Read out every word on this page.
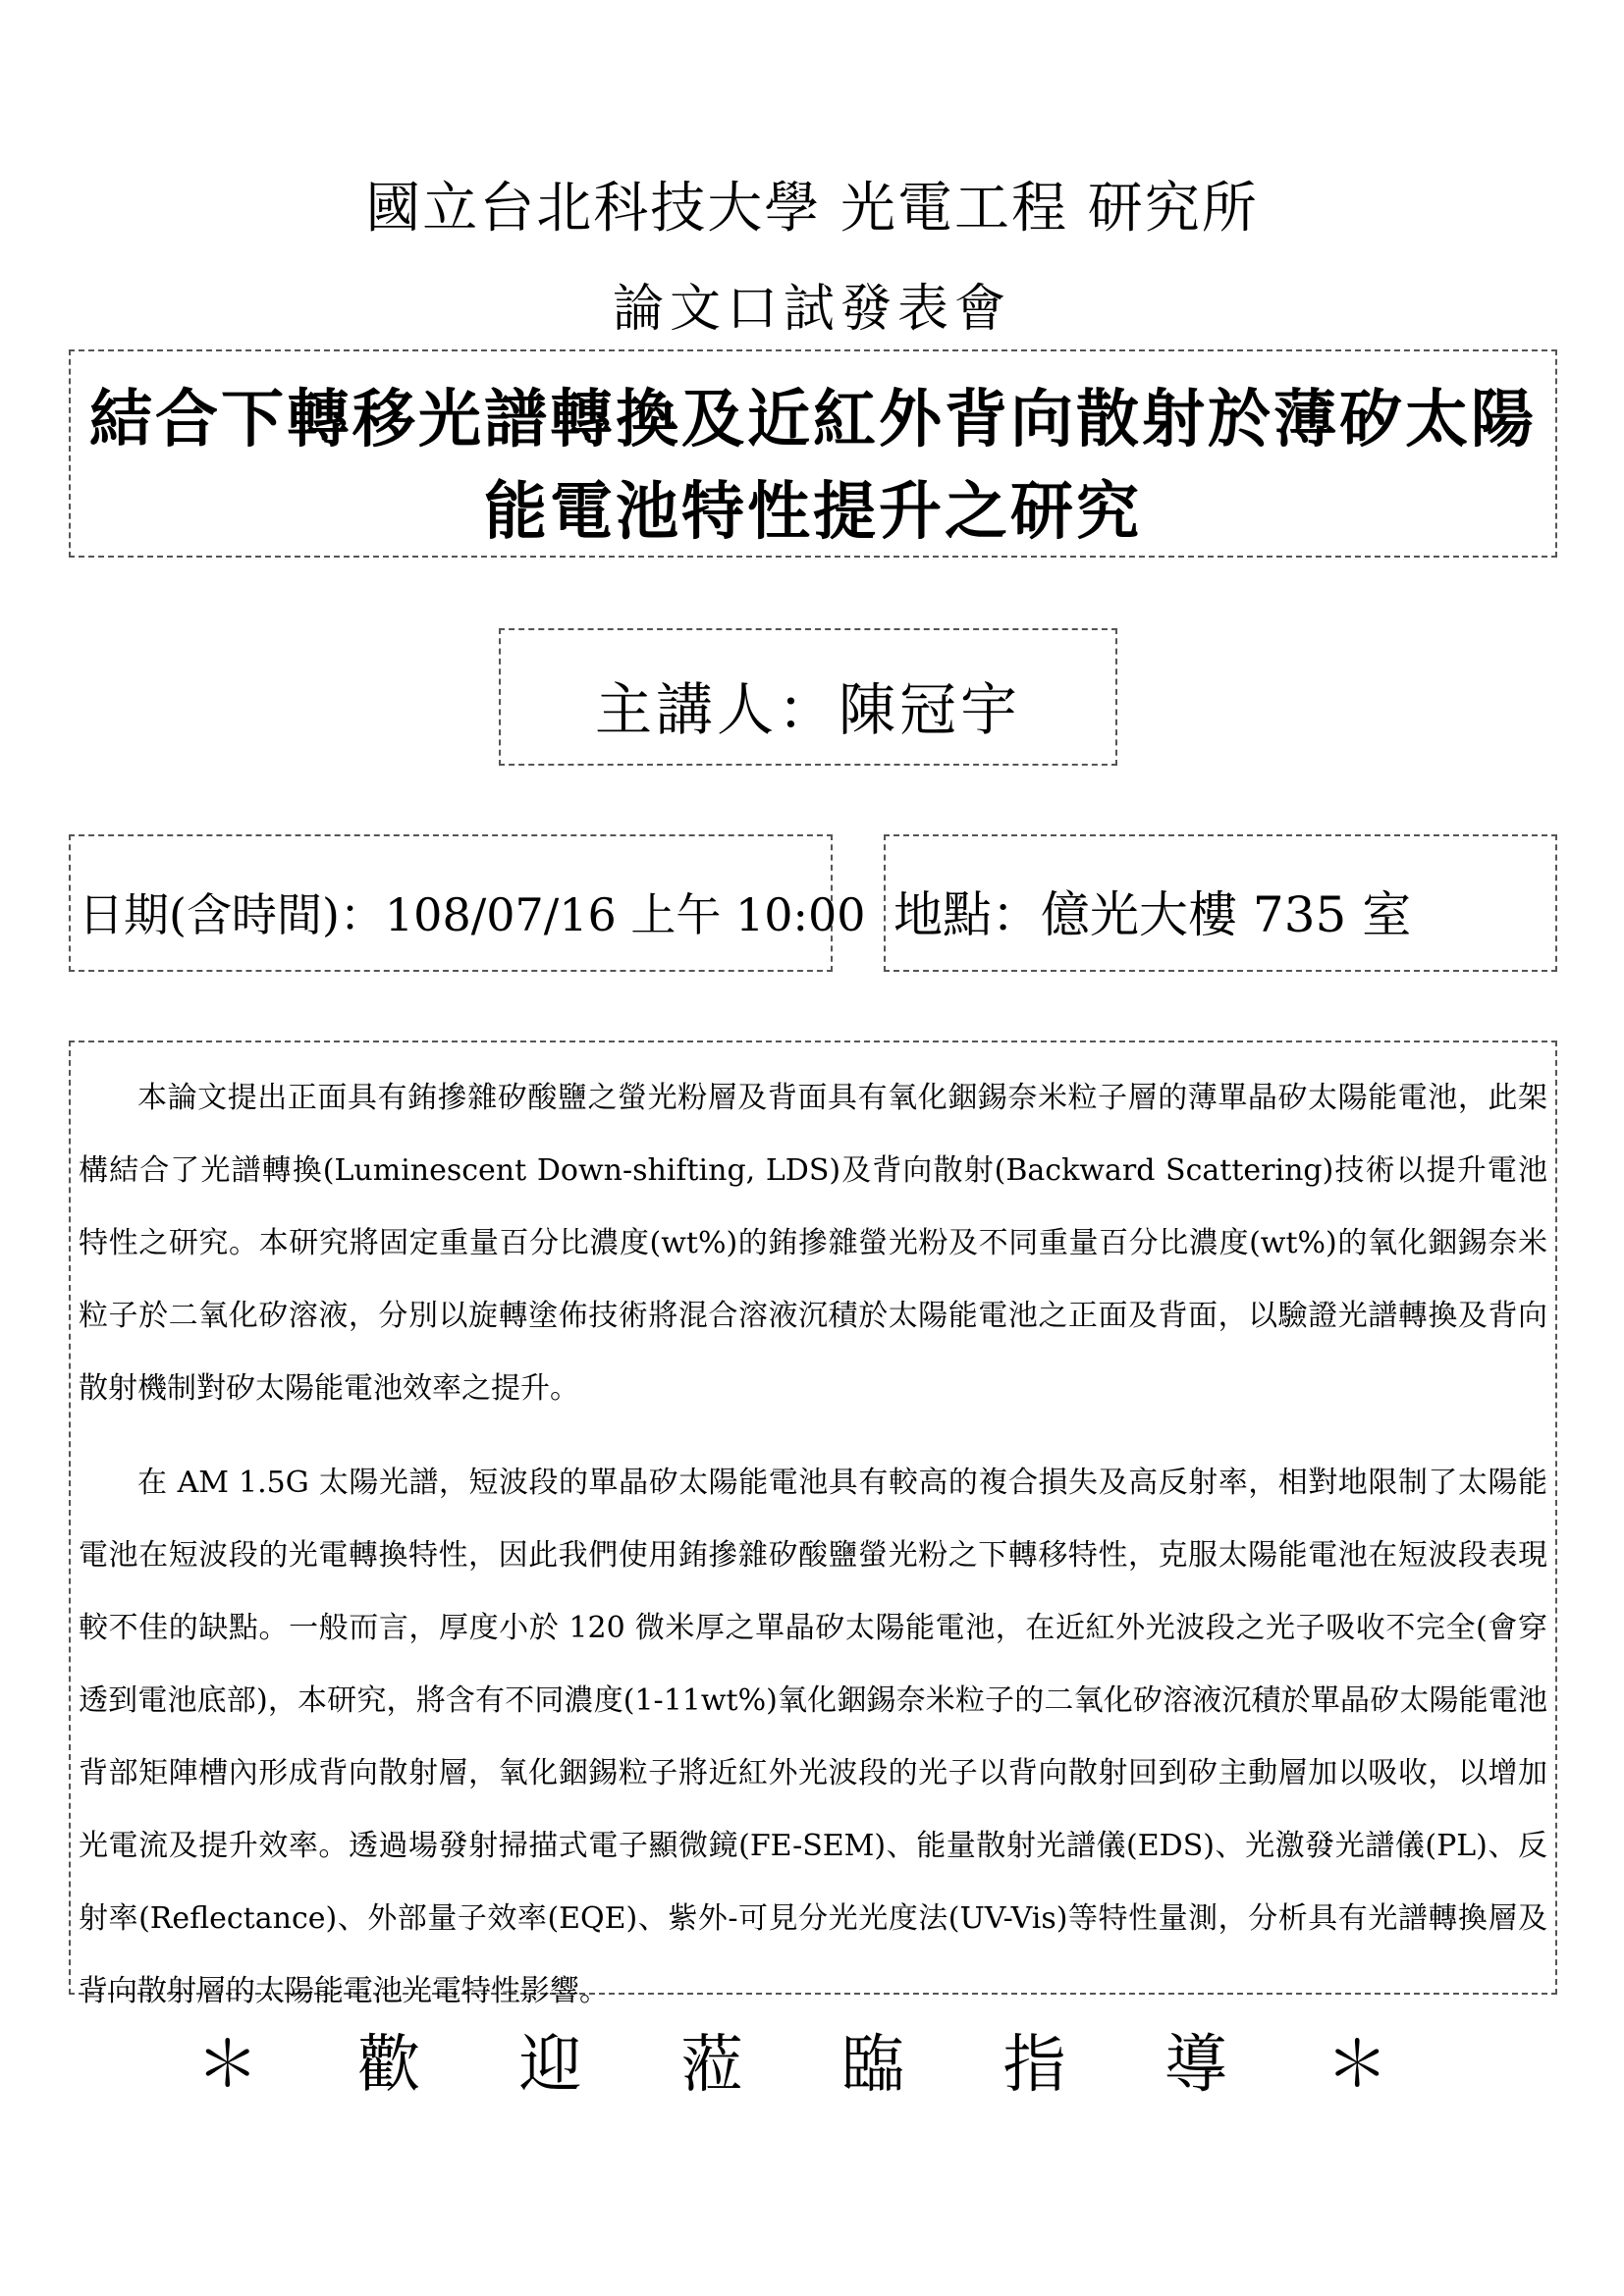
國立台北科技大學 光電工程 研究所
論文口試發表會
結合下轉移光譜轉換及近紅外背向散射於薄矽太陽
能電池特性提升之研究
主講人：陳冠宇
日期(含時間)：108/07/16 上午 10:00 地點：億光大樓 735 室
本論文提出正面具有銪摻雜矽酸鹽之螢光粉層及背面具有氧化銦錫奈米粒子層的薄單晶矽太陽能電池，此架構結合了光譜轉換(Luminescent Down-shifting, LDS)及背向散射(Backward Scattering)技術以提升電池特性之研究。本研究將固定重量百分比濃度(wt%)的銪摻雜螢光粉及不同重量百分比濃度(wt%)的氧化銦錫奈米粒子於二氧化矽溶液，分別以旋轉塗佈技術將混合溶液沉積於太陽能電池之正面及背面，以驗證光譜轉換及背向散射機制對矽太陽能電池效率之提升。
在 AM 1.5G 太陽光譜，短波段的單晶矽太陽能電池具有較高的複合損失及高反射率，相對地限制了太陽能電池在短波段的光電轉換特性，因此我們使用銪摻雜矽酸鹽螢光粉之下轉移特性，克服太陽能電池在短波段表現較不佳的缺點。一般而言，厚度小於 120 微米厚之單晶矽太陽能電池，在近紅外光波段之光子吸收不完全(會穿透到電池底部)，本研究，將含有不同濃度(1-11wt%)氧化銦錫奈米粒子的二氧化矽溶液沉積於單晶矽太陽能電池背部矩陣槽內形成背向散射層，氧化銦錫粒子將近紅外光波段的光子以背向散射回到矽主動層加以吸收，以增加光電流及提升效率。透過場發射掃描式電子顯微鏡(FE-SEM)、能量散射光譜儀(EDS)、光激發光譜儀(PL)、反射率(Reflectance)、外部量子效率(EQE)、紫外-可見分光光度法(UV-Vis)等特性量測，分析具有光譜轉換層及背向散射層的太陽能電池光電特性影響。
＊ 歡 迎 蒞 臨 指 導 ＊
